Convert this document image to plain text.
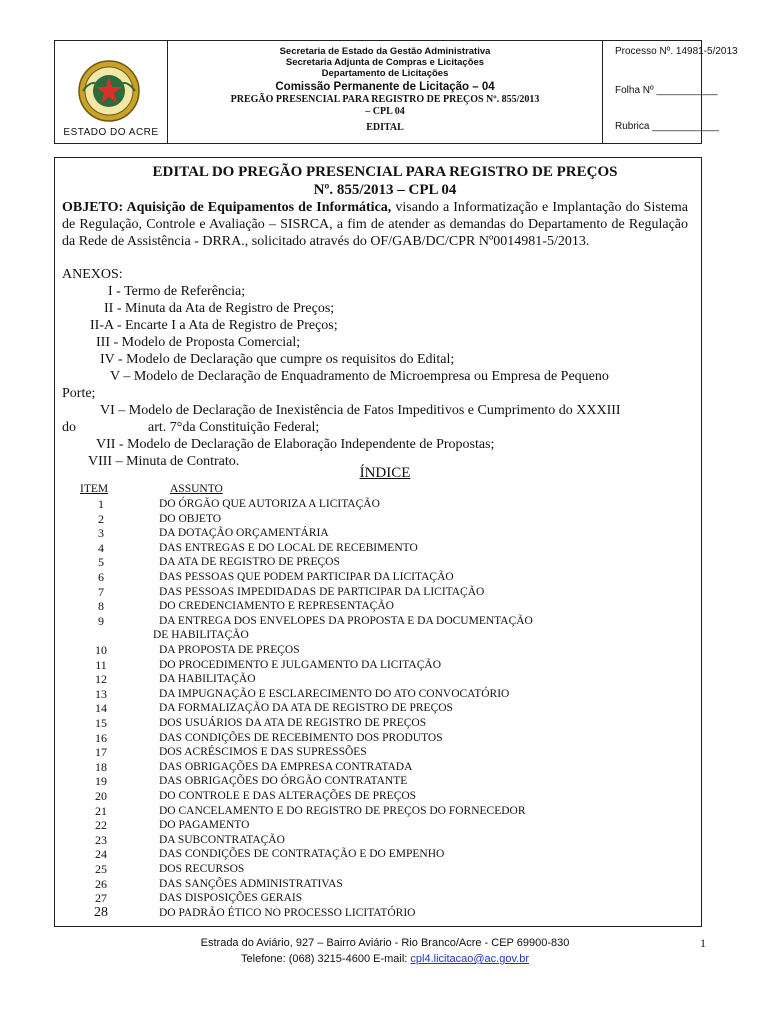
ESTADO DO ACRE
Secretaria de Estado da Gestão Administrativa
Secretaria Adjunta de Compras e Licitações
Departamento de Licitações
Comissão Permanente de Licitação – 04
PREGÃO PRESENCIAL PARA REGISTRO DE PREÇOS Nº. 855/2013
– CPL 04
EDITAL
Processo Nº. 14981-5/2013
Folha Nº ___________
Rubrica ____________
EDITAL DO PREGÃO PRESENCIAL PARA REGISTRO DE PREÇOS
Nº. 855/2013 – CPL 04
OBJETO: Aquisição de Equipamentos de Informática, visando a Informatização e Implantação do Sistema de Regulação, Controle e Avaliação – SISRCA, a fim de atender as demandas do Departamento de Regulação da Rede de Assistência - DRRA., solicitado através do OF/GAB/DC/CPR Nº0014981-5/2013.
ANEXOS:
I - Termo de Referência;
II - Minuta da Ata de Registro de Preços;
II-A - Encarte I a Ata de Registro de Preços;
III - Modelo de Proposta Comercial;
IV - Modelo de Declaração que cumpre os requisitos do Edital;
V – Modelo de Declaração de Enquadramento de Microempresa ou Empresa de Pequeno
Porte;
VI – Modelo de Declaração de Inexistência de Fatos Impeditivos e Cumprimento do XXXIII
do	art. 7°da Constituição Federal;
VII - Modelo de Declaração de Elaboração Independente de Propostas;
VIII – Minuta de Contrato.
ÍNDICE
ITEM	ASSUNTO
1	DO ÓRGÃO QUE AUTORIZA A LICITAÇÃO
2	DO OBJETO
3	DA DOTAÇÃO ORÇAMENTÁRIA
4	DAS ENTREGAS E DO LOCAL DE RECEBIMENTO
5	DA ATA DE REGISTRO DE PREÇOS
6	DAS PESSOAS QUE PODEM PARTICIPAR DA LICITAÇÃO
7	DAS PESSOAS IMPEDIDADAS DE PARTICIPAR DA LICITAÇÃO
8	DO CREDENCIAMENTO E REPRESENTAÇÃO
9	DA ENTREGA DOS ENVELOPES DA PROPOSTA E DA DOCUMENTAÇÃO
DE HABILITAÇÃO
10	DA PROPOSTA DE PREÇOS
11	DO PROCEDIMENTO E JULGAMENTO DA LICITAÇÃO
12	DA HABILITAÇÃO
13	DA IMPUGNAÇÃO E ESCLARECIMENTO DO ATO CONVOCATÓRIO
14	DA FORMALIZAÇÃO DA ATA DE REGISTRO DE PREÇOS
15	DOS USUÁRIOS DA ATA DE REGISTRO DE PREÇOS
16	DAS CONDIÇÕES DE RECEBIMENTO DOS PRODUTOS
17	DOS ACRÉSCIMOS E DAS SUPRESSÕES
18	DAS OBRIGAÇÕES DA EMPRESA CONTRATADA
19	DAS OBRIGAÇÕES DO ÓRGÃO CONTRATANTE
20	DO CONTROLE E DAS ALTERAÇÕES DE PREÇOS
21	DO CANCELAMENTO E DO REGISTRO DE PREÇOS DO FORNECEDOR
22	DO PAGAMENTO
23	DA SUBCONTRATAÇÃO
24	DAS CONDIÇÕES DE CONTRATAÇÃO E DO EMPENHO
25	DOS RECURSOS
26	DAS SANÇÕES ADMINISTRATIVAS
27	DAS DISPOSIÇÕES GERAIS
28	DO PADRÃO ÉTICO NO PROCESSO LICITATÓRIO
Estrada do Aviário, 927 – Bairro Aviário - Rio Branco/Acre - CEP 69900-830
Telefone: (068) 3215-4600 E-mail: cpl4.licitacao@ac.gov.br
1
